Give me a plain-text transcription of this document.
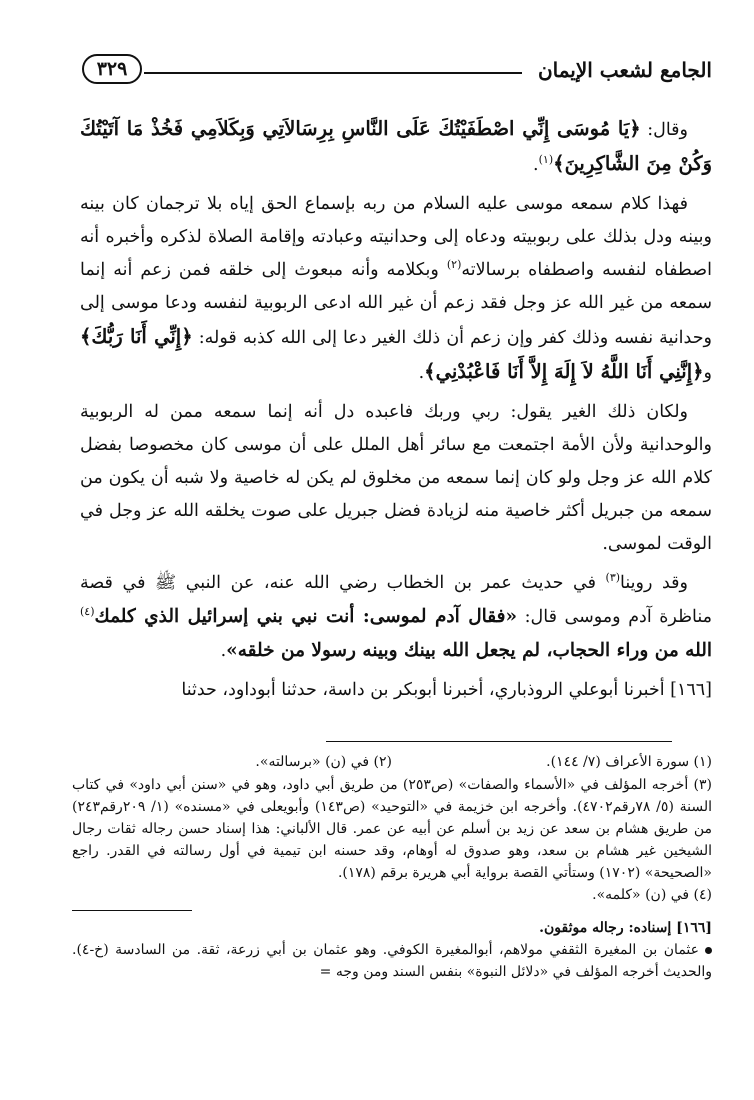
الجامع لشعب الإيمان
٣٢٩

وقال: ﴿يَا مُوسَى إِنِّي اصْطَفَيْتُكَ عَلَى النَّاسِ بِرِسَالاَتِي وَبِكَلاَمِي فَخُذْ مَا آتَيْتُكَ وَكُنْ مِنَ الشَّاكِرِينَ﴾$^{(١)}$.

فهذا كلام سمعه موسى عليه السلام من ربه بإسماع الحق إياه بلا ترجمان كان بينه وبينه ودل بذلك على ربوبيته ودعاه إلى وحدانيته وعبادته وإقامة الصلاة لذكره وأخبره أنه اصطفاه لنفسه واصطفاه برسالاته$^{(٢)}$ وبكلامه وأنه مبعوث إلى خلقه فمن زعم أنه إنما سمعه من غير الله عز وجل فقد زعم أن غير الله ادعى الربوبية لنفسه ودعا موسى إلى وحدانية نفسه وذلك كفر وإن زعم أن ذلك الغير دعا إلى الله كذبه قوله: ﴿إِنِّي أَنَا رَبُّكَ﴾ و﴿إِنَّنِي أَنَا اللَّهُ لاَ إِلَهَ إِلاَّ أَنَا فَاعْبُدْنِي﴾.

ولكان ذلك الغير يقول: ربي وربك فاعبده دل أنه إنما سمعه ممن له الربوبية والوحدانية ولأن الأمة اجتمعت مع سائر أهل الملل على أن موسى كان مخصوصا بفضل كلام الله عز وجل ولو كان إنما سمعه من مخلوق لم يكن له خاصية ولا شبه أن يكون من سمعه من جبريل أكثر خاصية منه لزيادة فضل جبريل على صوت يخلقه الله عز وجل في الوقت لموسى.

وقد روينا$^{(٣)}$ في حديث عمر بن الخطاب رضي الله عنه، عن النبي ﷺ في قصة مناظرة آدم وموسى قال: «فقال آدم لموسى: أنت نبي بني إسرائيل الذي كلمك$^{(٤)}$ الله من وراء الحجاب، لم يجعل الله بينك وبينه رسولا من خلقه».

[١٦٦] أخبرنا أبوعلي الروذباري، أخبرنا أبوبكر بن داسة، حدثنا أبوداود، حدثنا

(١) سورة الأعراف (٧/ ١٤٤).
(٢) في (ن) «برسالته».

(٣) أخرجه المؤلف في «الأسماء والصفات» (ص٢٥٣) من طريق أبي داود، وهو في «سنن أبي داود» في كتاب السنة (٥/ ٧٨رقم٤٧٠٢). وأخرجه ابن خزيمة في «التوحيد» (ص١٤٣) وأبويعلى في «مسنده» (١/ ٢٠٩رقم٢٤٣) من طريق هشام بن سعد عن زيد بن أسلم عن أبيه عن عمر. قال الألباني: هذا إسناد حسن رجاله ثقات رجال الشيخين غير هشام بن سعد، وهو صدوق له أوهام، وقد حسنه ابن تيمية في أول رسالته في القدر. راجع «الصحيحة» (١٧٠٢) وستأتي القصة برواية أبي هريرة برقم (١٧٨).

(٤) في (ن) «كلمه».

[١٦٦] إسناده: رجاله موثقون.

عثمان بن المغيرة الثقفي مولاهم، أبوالمغيرة الكوفي. وهو عثمان بن أبي زرعة، ثقة. من السادسة (خ-٤). والحديث أخرجه المؤلف في «دلائل النبوة» بنفس السند ومن وجه =
